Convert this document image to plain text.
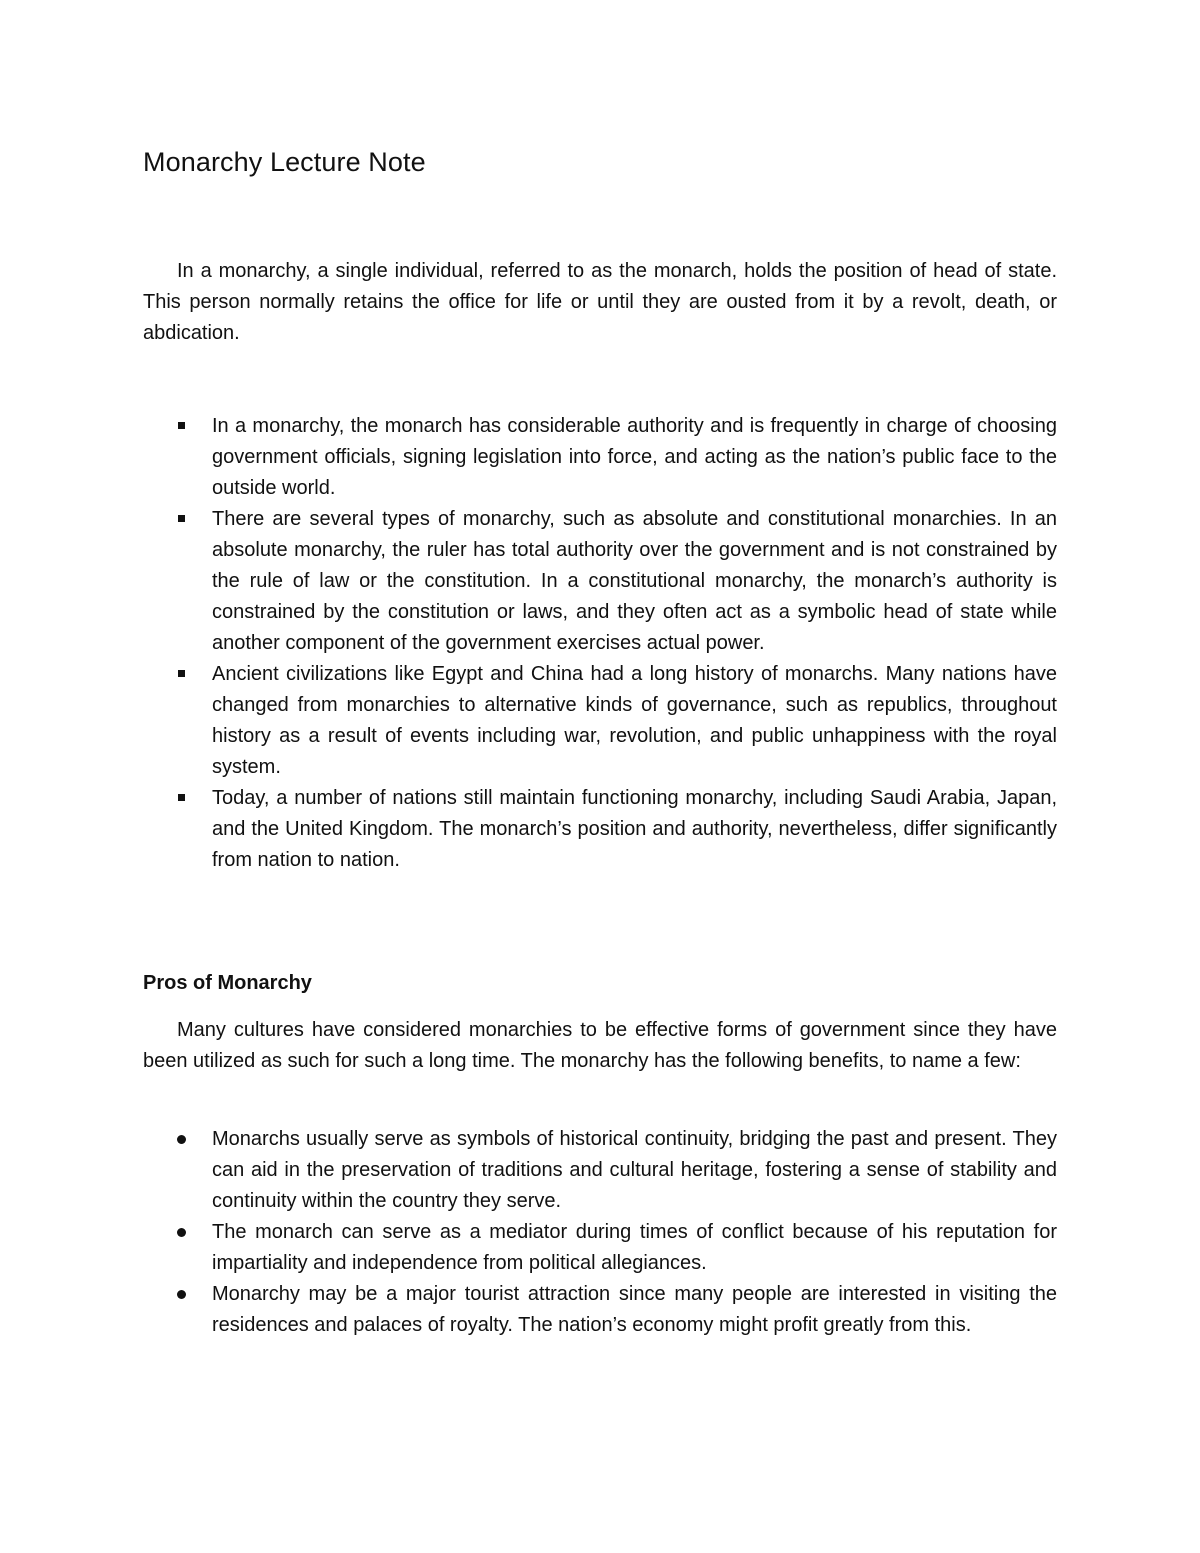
Monarchy Lecture Note

In a monarchy, a single individual, referred to as the monarch, holds the position of head of state. This person normally retains the office for life or until they are ousted from it by a revolt, death, or abdication.

In a monarchy, the monarch has considerable authority and is frequently in charge of choosing government officials, signing legislation into force, and acting as the nation’s public face to the outside world.
There are several types of monarchy, such as absolute and constitutional monarchies. In an absolute monarchy, the ruler has total authority over the government and is not constrained by the rule of law or the constitution. In a constitutional monarchy, the monarch’s authority is constrained by the constitution or laws, and they often act as a symbolic head of state while another component of the government exercises actual power.
Ancient civilizations like Egypt and China had a long history of monarchs. Many nations have changed from monarchies to alternative kinds of governance, such as republics, throughout history as a result of events including war, revolution, and public unhappiness with the royal system.
Today, a number of nations still maintain functioning monarchy, including Saudi Arabia, Japan, and the United Kingdom. The monarch’s position and authority, nevertheless, differ significantly from nation to nation.
Pros of Monarchy

Many cultures have considered monarchies to be effective forms of government since they have been utilized as such for such a long time. The monarchy has the following benefits, to name a few:

Monarchs usually serve as symbols of historical continuity, bridging the past and present. They can aid in the preservation of traditions and cultural heritage, fostering a sense of stability and continuity within the country they serve.
The monarch can serve as a mediator during times of conflict because of his reputation for impartiality and independence from political allegiances.
Monarchy may be a major tourist attraction since many people are interested in visiting the residences and palaces of royalty. The nation’s economy might profit greatly from this.
